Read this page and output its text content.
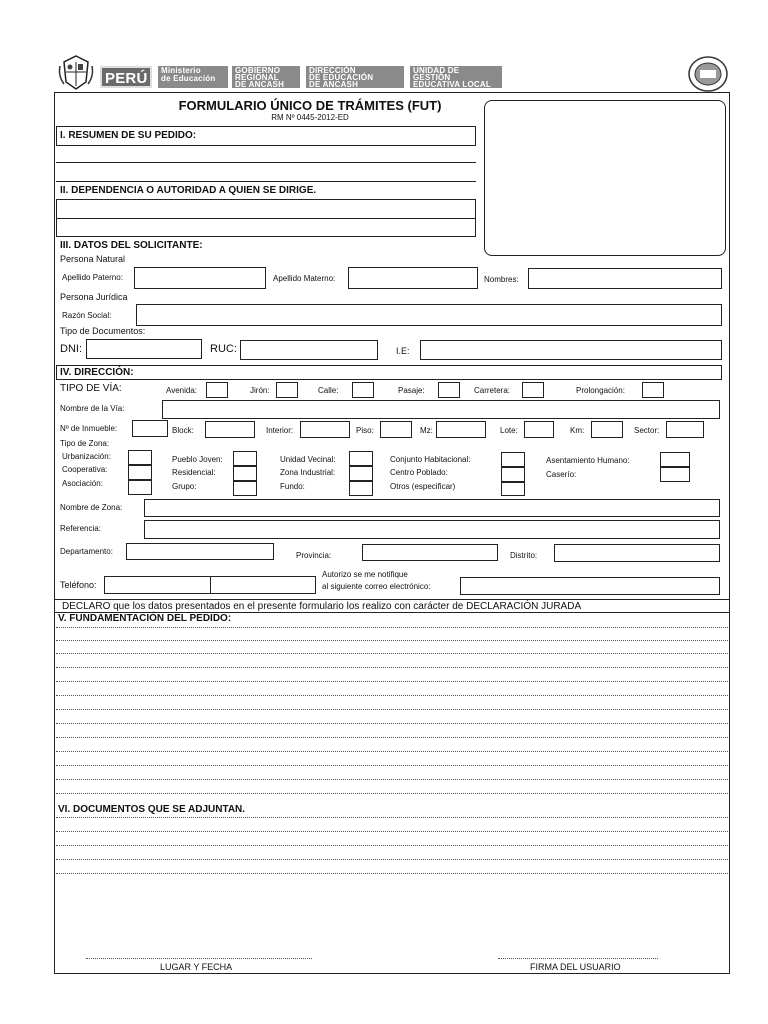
PERÚ	Ministerio
de Educación
GOBIERNO
REGIONAL
DE ANCASH
DIRECCIÓN
DE EDUCACIÓN
DE ANCASH
UNIDAD DE GESTIÓN
EDUCATIVA LOCAL
FORMULARIO ÚNICO DE TRÁMITES (FUT)
RM Nº 0445-2012-ED
I. RESUMEN DE SU PEDIDO:
II. DEPENDENCIA O AUTORIDAD A QUIEN SE DIRIGE.
III. DATOS DEL SOLICITANTE:
Persona Natural
Apellido Paterno:	Apellido Materno:	Nombres:
Persona Jurídica
Razón Social:
Tipo de Documentos:
DNI:	RUC:	I.E:
IV. DIRECCIÓN:
TIPO DE VÍA:	Avenida:	Jirón:	Calle:	Pasaje:	Carretera:	Prolongación:
Nombre de la Vía:
Nº de Inmueble:	Block:	Interior:	Piso:	Mz:	Lote:	Km:	Sector:
Tipo de Zona:
Urbanización:
Cooperativa:
Asociación:
Pueblo Joven:
Residencial:
Grupo:
Unidad Vecinal:
Zona Industrial:
Fundo:
Conjunto Habitacional:
Centro Poblado:
Otros (especificar)
Asentamiento Humano:
Caserío:
Nombre de Zona:
Referencia:
Departamento:	Provincia:	Distrito:
Teléfono:
Autorizo se me notifique
al siguiente correo electrónico:
DECLARO que los datos presentados en el presente formulario los realizo con carácter de DECLARACIÓN JURADA
V. FUNDAMENTACIÓN DEL PEDIDO:
VI. DOCUMENTOS QUE SE ADJUNTAN.
LUGAR Y FECHA	FIRMA DEL USUARIO
